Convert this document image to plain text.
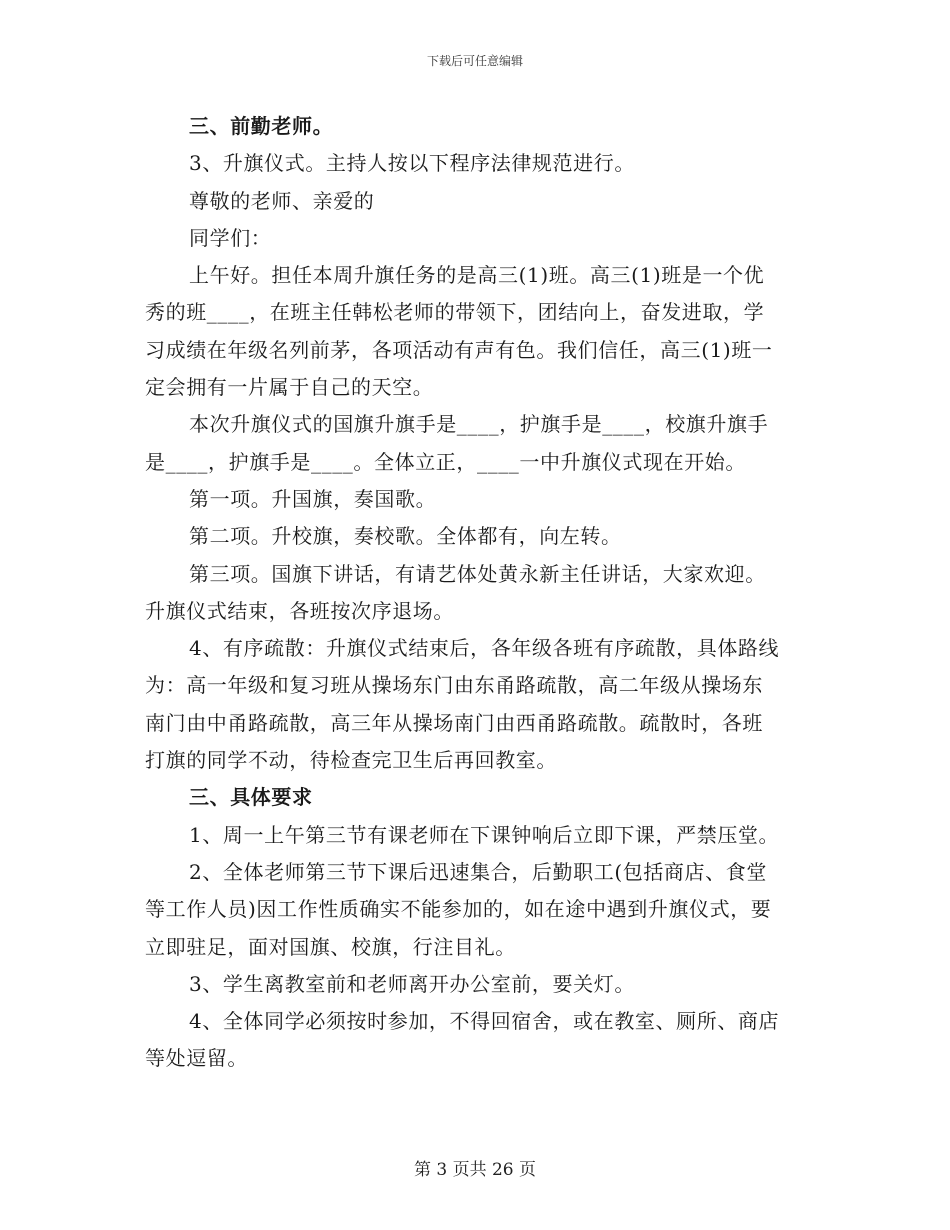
下载后可任意编辑
三、前勤老师。
3、升旗仪式。主持人按以下程序法律规范进行。
尊敬的老师、亲爱的
同学们：
上午好。担任本周升旗任务的是高三(1)班。高三(1)班是一个优
秀的班____，在班主任韩松老师的带领下，团结向上，奋发进取，学
习成绩在年级名列前茅，各项活动有声有色。我们信任，高三(1)班一
定会拥有一片属于自己的天空。
本次升旗仪式的国旗升旗手是____，护旗手是____，校旗升旗手
是____，护旗手是____。全体立正，____一中升旗仪式现在开始。
第一项。升国旗，奏国歌。
第二项。升校旗，奏校歌。全体都有，向左转。
第三项。国旗下讲话，有请艺体处黄永新主任讲话，大家欢迎。
升旗仪式结束，各班按次序退场。
4、有序疏散：升旗仪式结束后，各年级各班有序疏散，具体路线
为：高一年级和复习班从操场东门由东甬路疏散，高二年级从操场东
南门由中甬路疏散，高三年从操场南门由西甬路疏散。疏散时，各班
打旗的同学不动，待检查完卫生后再回教室。
三、具体要求
1、周一上午第三节有课老师在下课钟响后立即下课，严禁压堂。
2、全体老师第三节下课后迅速集合，后勤职工(包括商店、食堂
等工作人员)因工作性质确实不能参加的，如在途中遇到升旗仪式，要
立即驻足，面对国旗、校旗，行注目礼。
3、学生离教室前和老师离开办公室前，要关灯。
4、全体同学必须按时参加，不得回宿舍，或在教室、厕所、商店
等处逗留。
第 3 页共 26 页
